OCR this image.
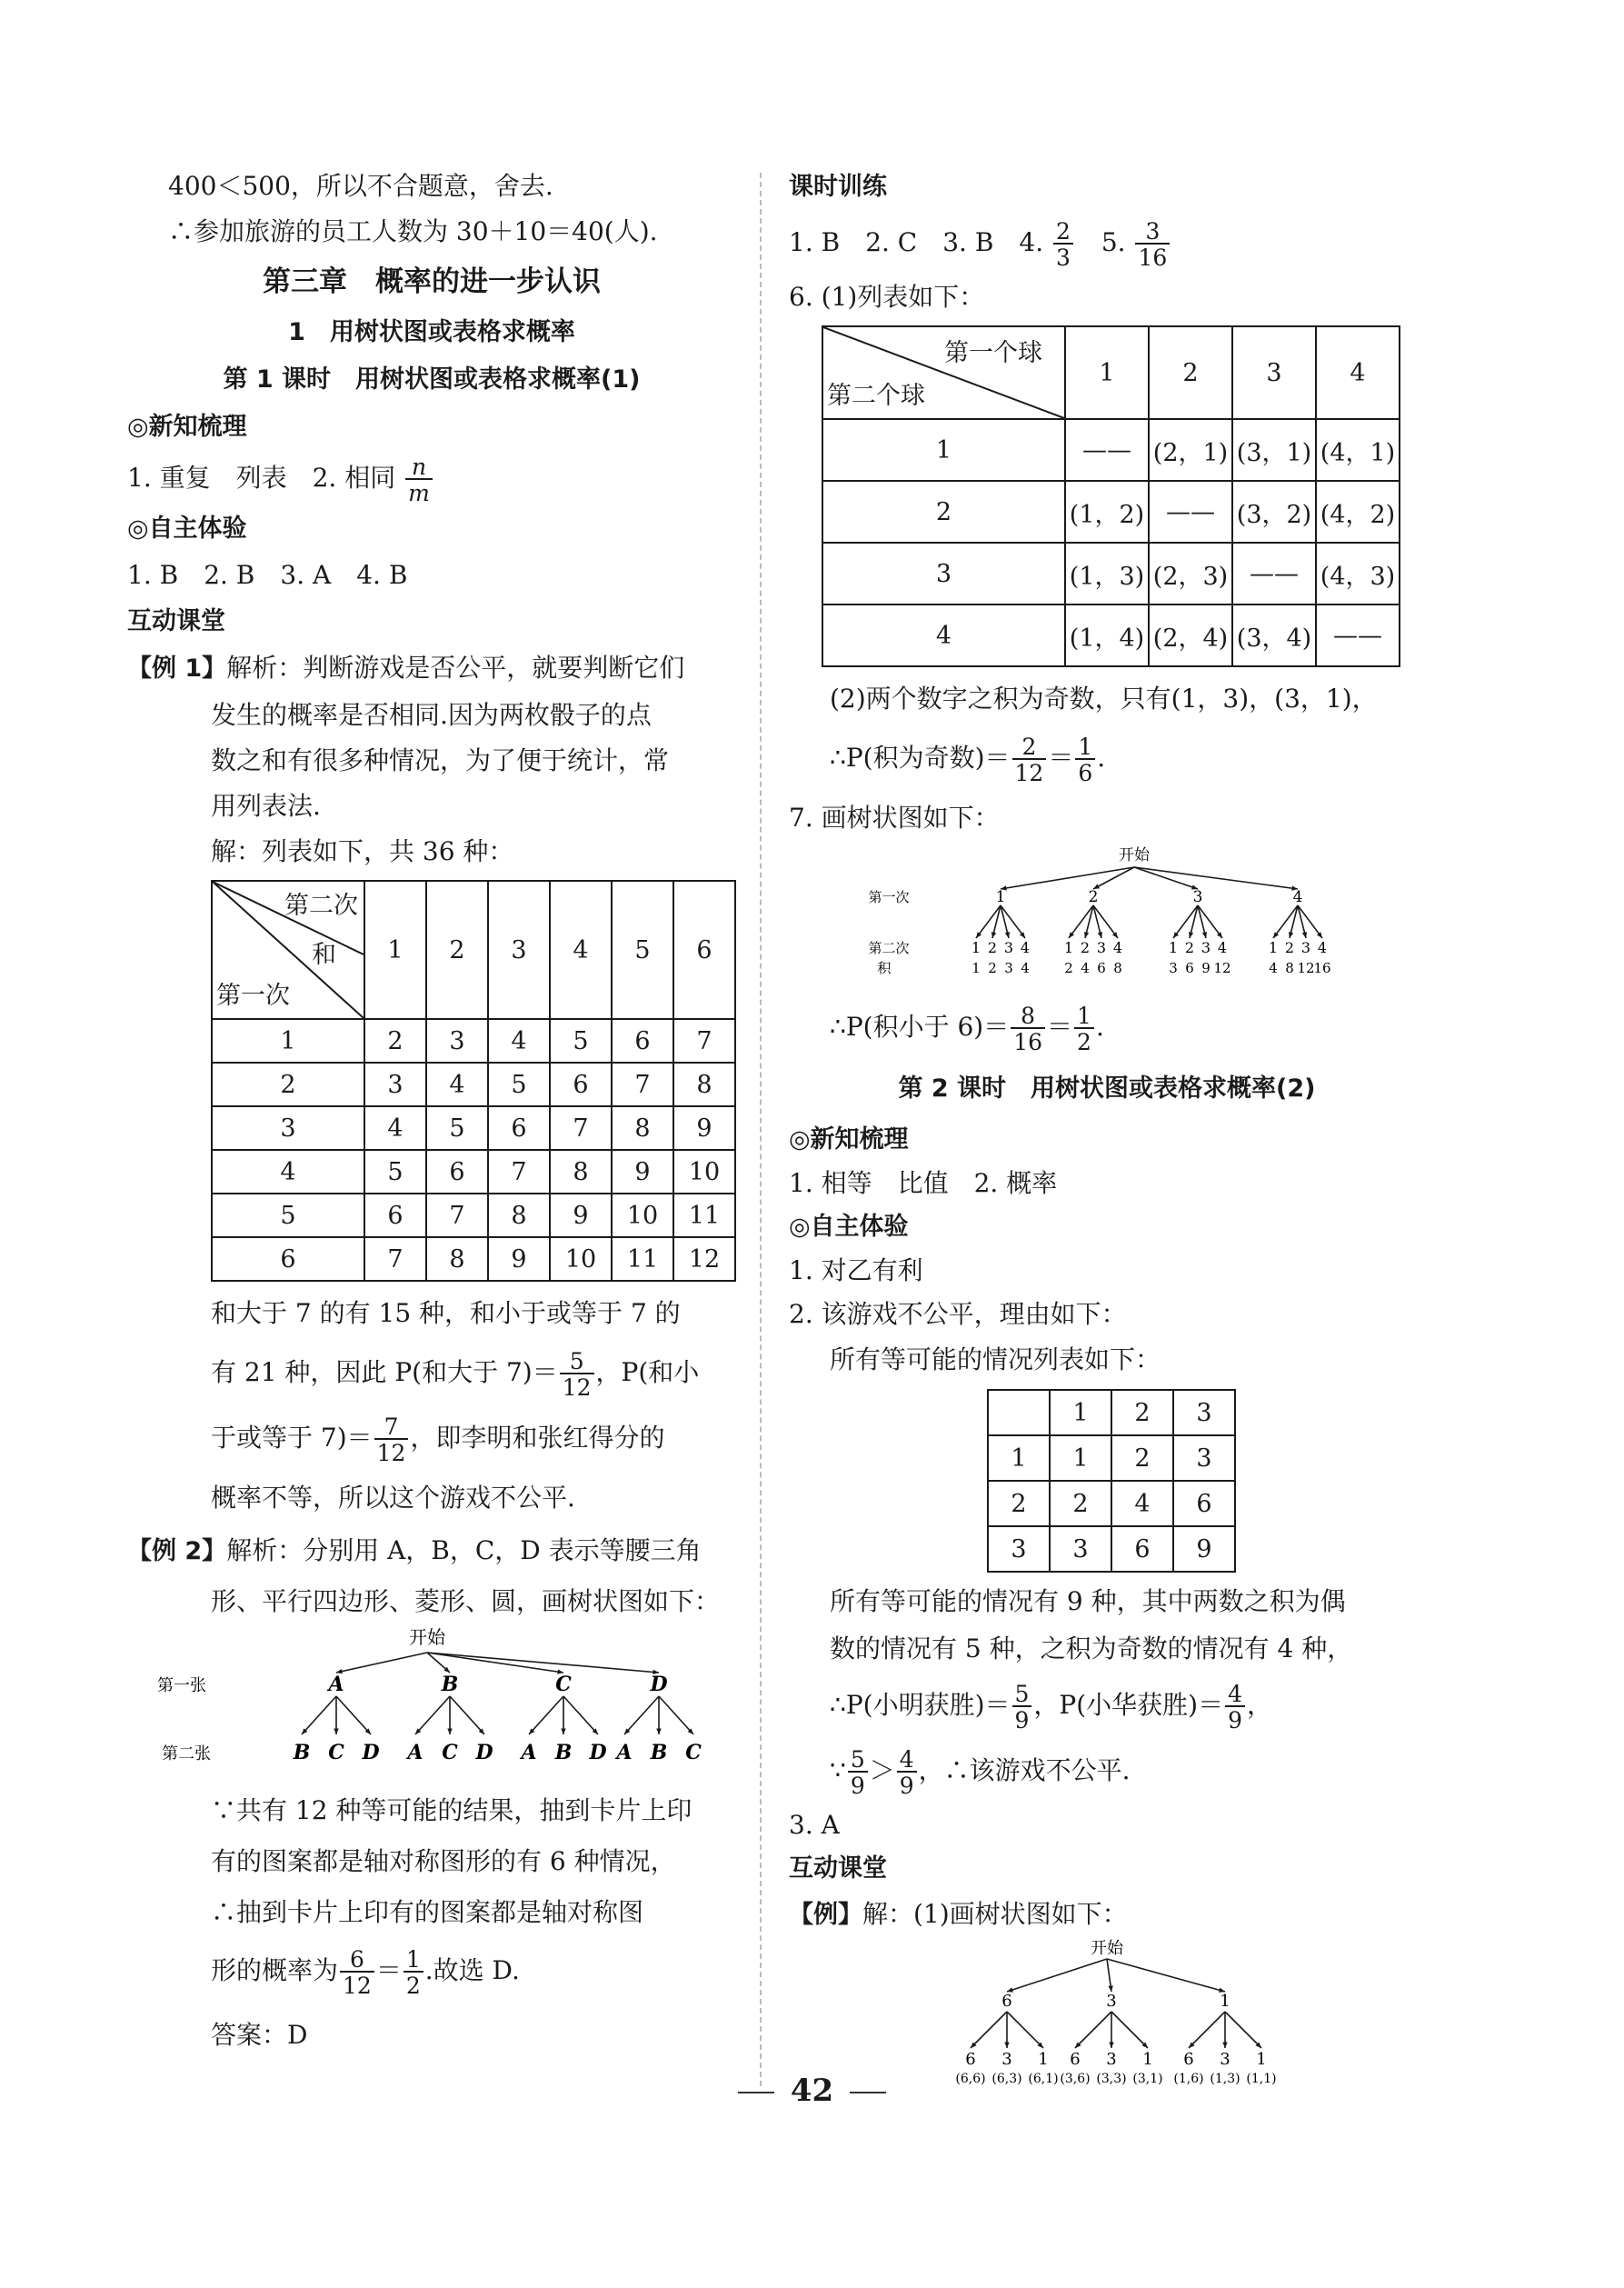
400＜500，所以不合题意，舍去.
∴参加旅游的员工人数为 30＋10＝40(人).
第三章　概率的进一步认识
1　用树状图或表格求概率
第 1 课时　用树状图或表格求概率(1)
◎新知梳理
1. 重复　列表　2. 相同 $\frac{n}{m}$
◎自主体验
1. B　2. B　3. A　4. B
互动课堂
【例 1】解析：判断游戏是否公平，就要判断它们
发生的概率是否相同.因为两枚骰子的点
数之和有很多种情况，为了便于统计，常
用列表法.
解：列表如下，共 36 种：
第二次
和
第一次	1	2	3	4	5	6
1	2	3	4	5	6	7
2	3	4	5	6	7	8
3	4	5	6	7	8	9
4	5	6	7	8	9	10
5	6	7	8	9	10	11
6	7	8	9	10	11	12
和大于 7 的有 15 种，和小于或等于 7 的
有 21 种，因此 P(和大于 $7)= \frac{5}{12}$ ，P(和小
于或等于 $7)= \frac{7}{12}$ ，即李明和张红得分的
概率不等，所以这个游戏不公平.
【例 2】解析：分别用 A，B，C，D 表示等腰三角
形、平行四边形、菱形、圆，画树状图如下：
开始
第一张
第二张
A
B C D
B
A C D
C
A B D
D
A B C
∵共有 12 种等可能的结果，抽到卡片上印
有的图案都是轴对称图形的有 6 种情况，
∴抽到卡片上印有的图案都是轴对称图
形的概率为 $\frac{6}{12} = \frac{1}{2}$ .故选 D.
答案：D
课时训练
1. B　2. C　3. B　4. $\frac{2}{3} 5$. $\frac{3}{16}$
6. (1)列表如下：
第一个球
第二个球	1	2	3	4
1	——	(2，1)	(3，1)	(4，1)
2	(1，2)	——	(3，2)	(4，2)
3	(1，3)	(2，3)	——	(4，3)
4	(1，4)	(2，4)	(3，4)	——
(2)两个数字之积为奇数，只有(1，3)，(3，1)，
∴P(积为奇数)＝ $\frac{2}{12} = \frac{1}{6}$ .
7. 画树状图如下：
开始
第一次
第二次
积
1
1
1
2
2
3
3
4
4
2
1
2
2
4
3
6
4
8
3
1
3
2
6
3
9
4
12
4
1
4
2
8
3
12
4
16
∴P(积小于 $6)= \frac{8}{16} = \frac{1}{2}$ .
第 2 课时　用树状图或表格求概率(2)
◎新知梳理
1. 相等　比值　2. 概率
◎自主体验
1. 对乙有利
2. 该游戏不公平，理由如下：
所有等可能的情况列表如下：
	1	2	3
1	1	2	3
2	2	4	6
3	3	6	9
所有等可能的情况有 9 种，其中两数之积为偶
数的情况有 5 种，之积为奇数的情况有 4 种，
∴P(小明获胜)＝ $\frac{5}{9}$ ，P(小华获胜)＝ $\frac{4}{9}$ ，
∵ $\frac{5}{9} > \frac{4}{9}$ ，∴该游戏不公平.
3. A
互动课堂
【例】解：(1)画树状图如下：
开始
6
6
(6,6)
3
(6,3)
1
(6,1)
3
6
(3,6)
3
(3,3)
1
(3,1)
1
6
(1,6)
3
(1,3)
1
(1,1)
42
